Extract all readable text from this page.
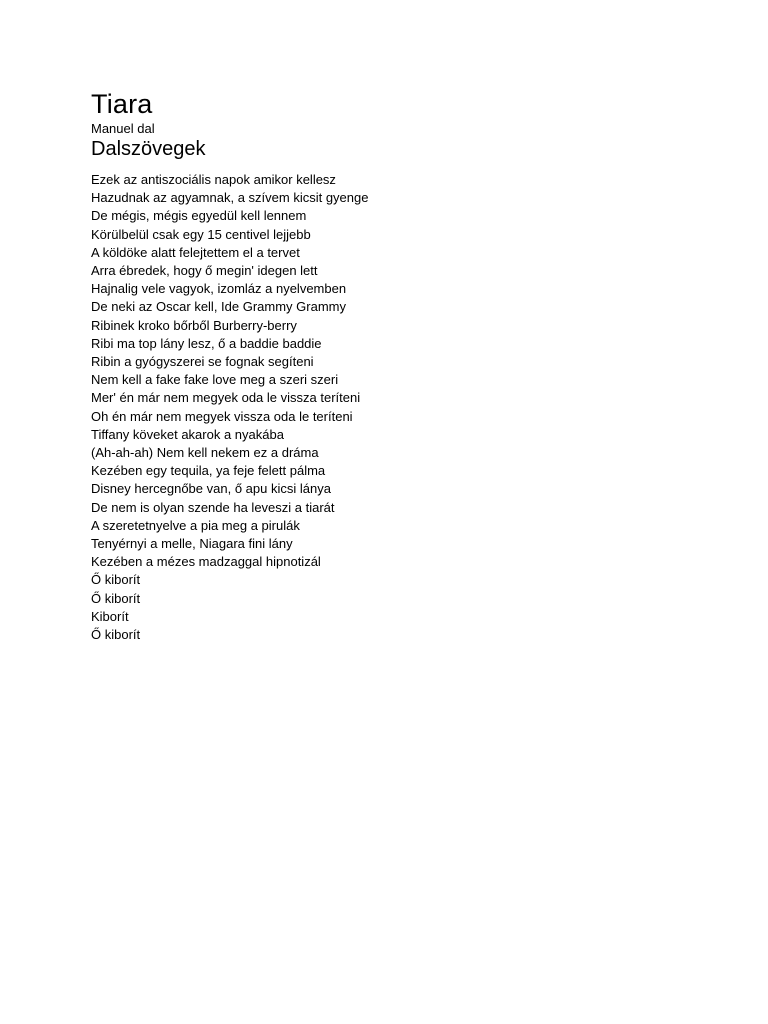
Tiara
Manuel dal
Dalszövegek
Ezek az antiszociális napok amikor kellesz
Hazudnak az agyamnak, a szívem kicsit gyenge
De mégis, mégis egyedül kell lennem
Körülbelül csak egy 15 centivel lejjebb
A köldöke alatt felejtettem el a tervet
Arra ébredek, hogy ő megin' idegen lett
Hajnalig vele vagyok, izomláz a nyelvemben
De neki az Oscar kell, Ide Grammy Grammy
Ribinek kroko bőrből Burberry-berry
Ribi ma top lány lesz, ő a baddie baddie
Ribin a gyógyszerei se fognak segíteni
Nem kell a fake fake love meg a szeri szeri
Mer' én már nem megyek oda le vissza teríteni
Oh én már nem megyek vissza oda le teríteni
Tiffany köveket akarok a nyakába
(Ah-ah-ah) Nem kell nekem ez a dráma
Kezében egy tequila, ya feje felett pálma
Disney hercegnőbe van, ő apu kicsi lánya
De nem is olyan szende ha leveszi a tiarát
A szeretetnyelve a pia meg a pirulák
Tenyérnyi a melle, Niagara fini lány
Kezében a mézes madzaggal hipnotizál
Ő kiborít
Ő kiborít
Kiborít
Ő kiborít
